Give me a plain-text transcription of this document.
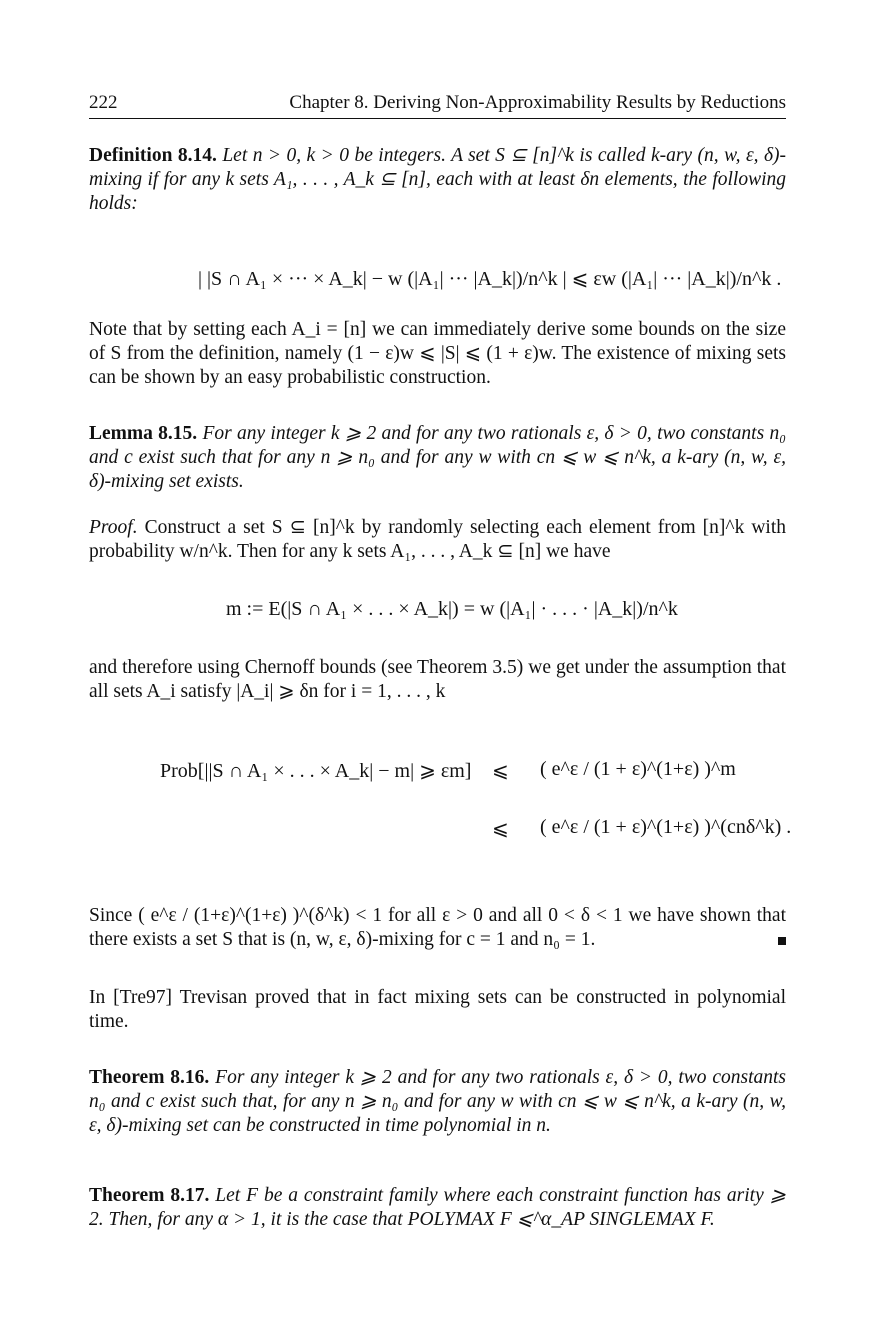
222	Chapter 8. Deriving Non-Approximability Results by Reductions
Definition 8.14. Let n > 0, k > 0 be integers. A set S ⊆ [n]^k is called k-ary (n, w, ε, δ)-mixing if for any k sets A₁, . . . , A_k ⊆ [n], each with at least δn elements, the following holds:
| |S ∩ A₁ × ··· × A_k| − w (|A₁| ··· |A_k|)/n^k | ⩽ εw (|A₁| ··· |A_k|)/n^k .
Note that by setting each A_i = [n] we can immediately derive some bounds on the size of S from the definition, namely (1 − ε)w ⩽ |S| ⩽ (1 + ε)w. The existence of mixing sets can be shown by an easy probabilistic construction.
Lemma 8.15. For any integer k ⩾ 2 and for any two rationals ε, δ > 0, two constants n₀ and c exist such that for any n ⩾ n₀ and for any w with cn ⩽ w ⩽ n^k, a k-ary (n, w, ε, δ)-mixing set exists.
Proof. Construct a set S ⊆ [n]^k by randomly selecting each element from [n]^k with probability w/n^k. Then for any k sets A₁, . . . , A_k ⊆ [n] we have
m := E(|S ∩ A₁ × . . . × A_k|) = w (|A₁| · . . . · |A_k|)/n^k
and therefore using Chernoff bounds (see Theorem 3.5) we get under the assumption that all sets A_i satisfy |A_i| ⩾ δn for i = 1, . . . , k
Prob[||S ∩ A₁ × . . . × A_k| − m| ⩾ εm] ⩽ ( e^ε / (1 + ε)^(1+ε) )^m
⩽ ( e^ε / (1 + ε)^(1+ε) )^(cnδ^k) .
Since ( e^ε / (1+ε)^(1+ε) )^(δ^k) < 1 for all ε > 0 and all 0 < δ < 1 we have shown that there exists a set S that is (n, w, ε, δ)-mixing for c = 1 and n₀ = 1.
In [Tre97] Trevisan proved that in fact mixing sets can be constructed in polynomial time.
Theorem 8.16. For any integer k ⩾ 2 and for any two rationals ε, δ > 0, two constants n₀ and c exist such that, for any n ⩾ n₀ and for any w with cn ⩽ w ⩽ n^k, a k-ary (n, w, ε, δ)-mixing set can be constructed in time polynomial in n.
Theorem 8.17. Let F be a constraint family where each constraint function has arity ⩾ 2. Then, for any α > 1, it is the case that POLYMAX F ⩽^α_AP SINGLEMAX F.
